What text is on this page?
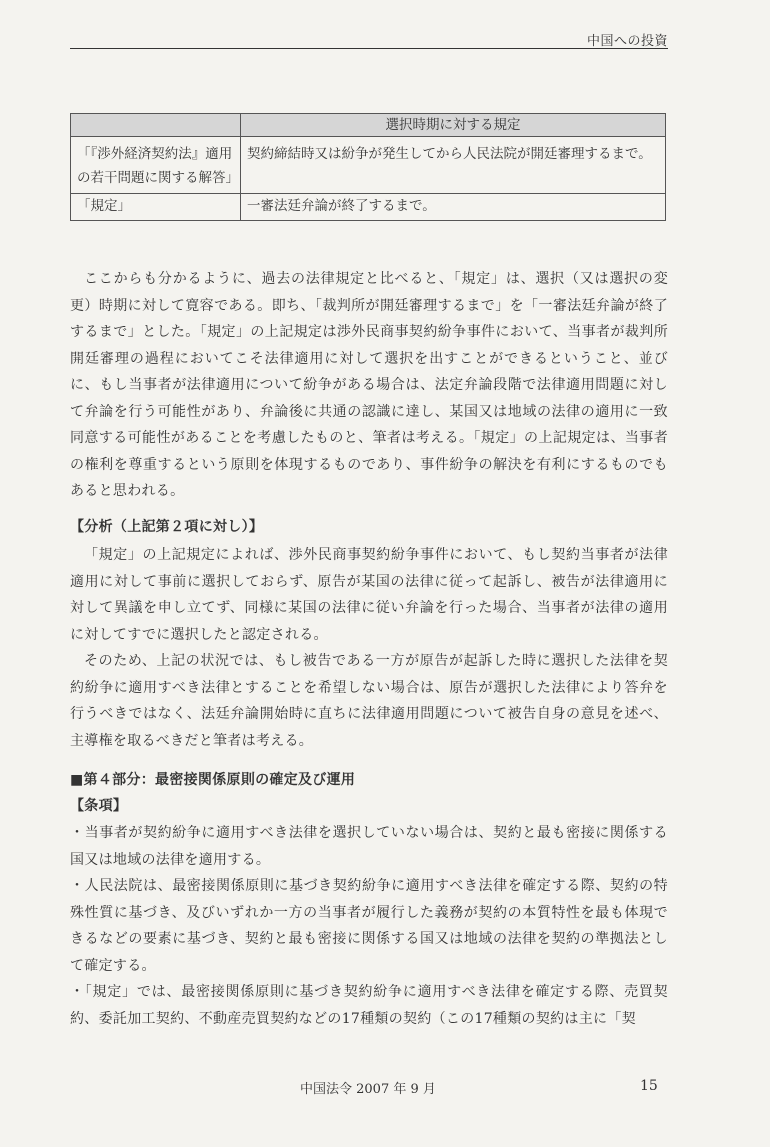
中国への投資
	選択時期に対する規定
「『渉外経済契約法』適用の若干問題に関する解答」	契約締結時又は紛争が発生してから人民法院が開廷審理するまで。
「規定」	一審法廷弁論が終了するまで。

ここからも分かるように、過去の法律規定と比べると、「規定」は、選択（又は選択の変更）時期に対して寛容である。即ち、「裁判所が開廷審理するまで」を「一審法廷弁論が終了するまで」とした。「規定」の上記規定は渉外民商事契約紛争事件において、当事者が裁判所開廷審理の過程においてこそ法律適用に対して選択を出すことができるということ、並びに、もし当事者が法律適用について紛争がある場合は、法定弁論段階で法律適用問題に対して弁論を行う可能性があり、弁論後に共通の認識に達し、某国又は地域の法律の適用に一致同意する可能性があることを考慮したものと、筆者は考える。「規定」の上記規定は、当事者の権利を尊重するという原則を体現するものであり、事件紛争の解決を有利にするものでもあると思われる。

【分析（上記第２項に対し）】

「規定」の上記規定によれば、渉外民商事契約紛争事件において、もし契約当事者が法律適用に対して事前に選択しておらず、原告が某国の法律に従って起訴し、被告が法律適用に対して異議を申し立てず、同様に某国の法律に従い弁論を行った場合、当事者が法律の適用に対してすでに選択したと認定される。

そのため、上記の状況では、もし被告である一方が原告が起訴した時に選択した法律を契約紛争に適用すべき法律とすることを希望しない場合は、原告が選択した法律により答弁を行うべきではなく、法廷弁論開始時に直ちに法律適用問題について被告自身の意見を述べ、主導権を取るべきだと筆者は考える。

■第４部分：最密接関係原則の確定及び運用

【条項】

・当事者が契約紛争に適用すべき法律を選択していない場合は、契約と最も密接に関係する国又は地域の法律を適用する。

・人民法院は、最密接関係原則に基づき契約紛争に適用すべき法律を確定する際、契約の特殊性質に基づき、及びいずれか一方の当事者が履行した義務が契約の本質特性を最も体現できるなどの要素に基づき、契約と最も密接に関係する国又は地域の法律を契約の準拠法として確定する。

・「規定」では、最密接関係原則に基づき契約紛争に適用すべき法律を確定する際、売買契約、委託加工契約、不動産売買契約などの17種類の契約（この17種類の契約は主に「契

中国法令 2007 年 9 月	15
